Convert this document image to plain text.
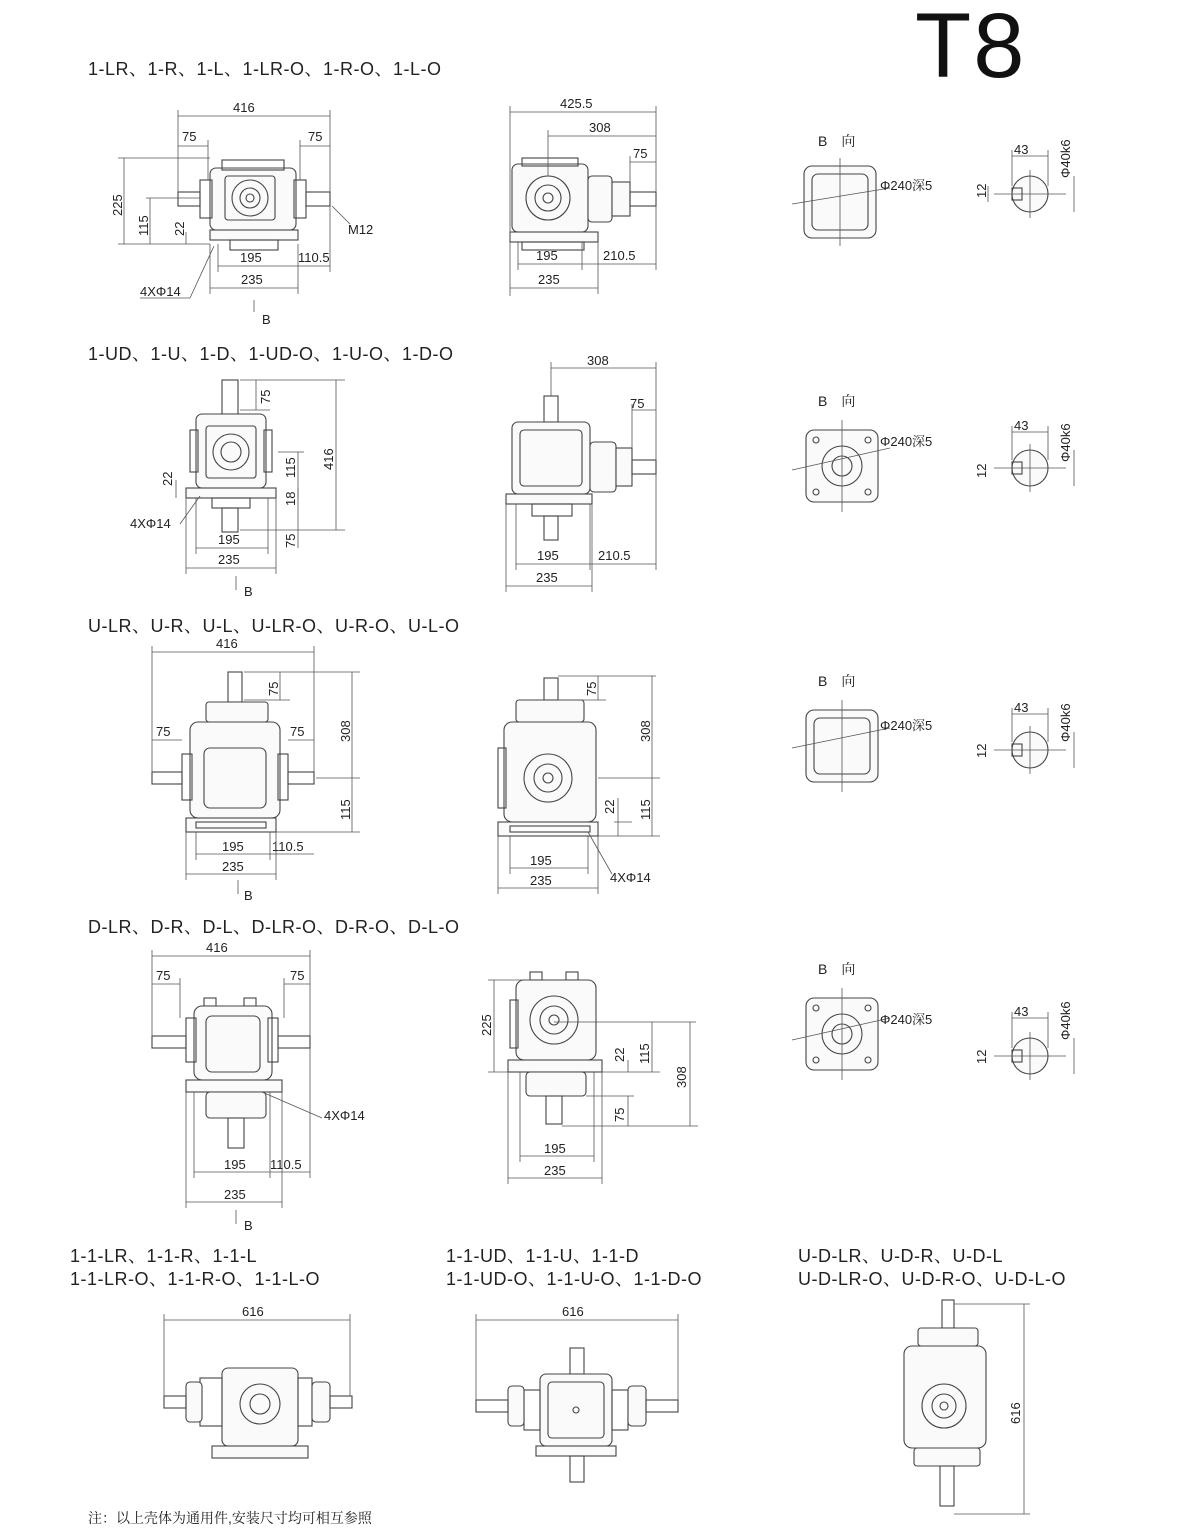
T8
1-LR、1-R、1-L、1-LR-O、1-R-O、1-L-O
1-UD、1-U、1-D、1-UD-O、1-U-O、1-D-O
U-LR、U-R、U-L、U-LR-O、U-R-O、U-L-O
D-LR、D-R、D-L、D-LR-O、D-R-O、D-L-O
1-1-LR、1-1-R、1-1-L
1-1-LR-O、1-1-R-O、1-1-L-O
1-1-UD、1-1-U、1-1-D
1-1-UD-O、1-1-U-O、1-1-D-O
U-D-LR、U-D-R、U-D-L
U-D-LR-O、U-D-R-O、U-D-L-O
注：以上壳体为通用件,安装尺寸均可相互参照
416
75	75
225
115 22
195	110.5
235
M12
4XΦ14
B
425.5
308
75
195	210.5
235
B　向
Φ240深5
43
12
Φ40k6
75
416
115
18
75
22
195
235
4XΦ14
B
308
75
195	210.5
235
B　向
Φ240深5
43
12
Φ40k6
416
75	75
75
308
115
195 110.5
235
B
75
308
115
22
195
235	4XΦ14
B　向
Φ240深5
43
12
Φ40k6
416
75	75
4XΦ14
195 110.5
235
B
225
115
22
308
75
195
235
B　向
Φ240深5
43
12
Φ40k6
616	616
616
